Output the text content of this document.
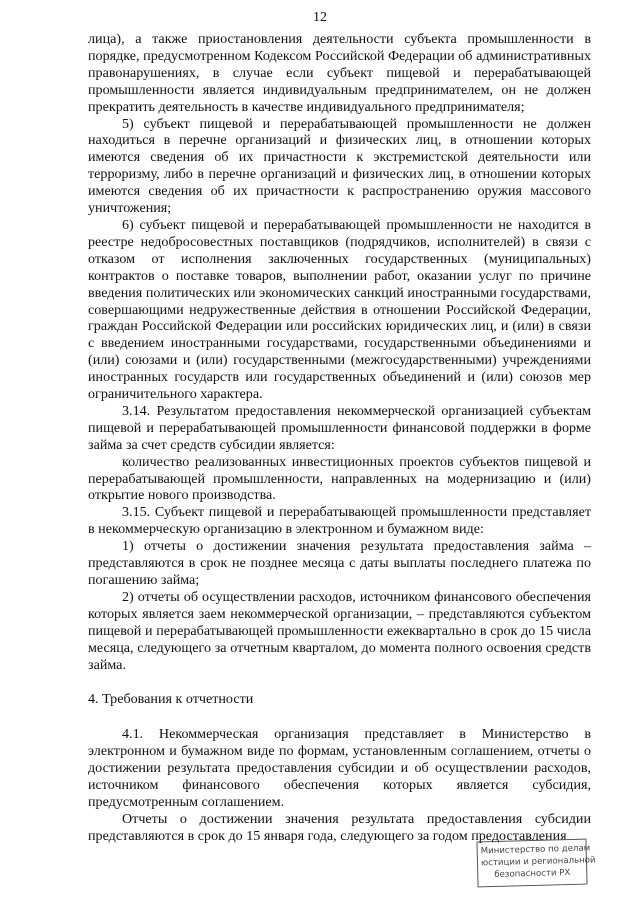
12

лица), а также приостановления деятельности субъекта промышленности в порядке, предусмотренном Кодексом Российской Федерации об административных правонарушениях, в случае если субъект пищевой и перерабатывающей промышленности является индивидуальным предпринимателем, он не должен прекратить деятельность в качестве индивидуального предпринимателя;

5) субъект пищевой и перерабатывающей промышленности не должен находиться в перечне организаций и физических лиц, в отношении которых имеются сведения об их причастности к экстремистской деятельности или терроризму, либо в перечне организаций и физических лиц, в отношении которых имеются сведения об их причастности к распространению оружия массового уничтожения;

6) субъект пищевой и перерабатывающей промышленности не находится в реестре недобросовестных поставщиков (подрядчиков, исполнителей) в связи с отказом от исполнения заключенных государственных (муниципальных) контрактов о поставке товаров, выполнении работ, оказании услуг по причине введения политических или экономических санкций иностранными государствами, совершающими недружественные действия в отношении Российской Федерации, граждан Российской Федерации или российских юридических лиц, и (или) в связи с введением иностранными государствами, государственными объединениями и (или) союзами и (или) государственными (межгосударственными) учреждениями иностранных государств или государственных объединений и (или) союзов мер ограничительного характера.

3.14. Результатом предоставления некоммерческой организацией субъектам пищевой и перерабатывающей промышленности финансовой поддержки в форме займа за счет средств субсидии является:

количество реализованных инвестиционных проектов субъектов пищевой и перерабатывающей промышленности, направленных на модернизацию и (или) открытие нового производства.

3.15. Субъект пищевой и перерабатывающей промышленности представляет в некоммерческую организацию в электронном и бумажном виде:

1) отчеты о достижении значения результата предоставления займа – представляются в срок не позднее месяца с даты выплаты последнего платежа по погашению займа;

2) отчеты об осуществлении расходов, источником финансового обеспечения которых является заем некоммерческой организации, – представляются субъектом пищевой и перерабатывающей промышленности ежеквартально в срок до 15 числа месяца, следующего за отчетным кварталом, до момента полного освоения средств займа.

4. Требования к отчетности

4.1. Некоммерческая организация представляет в Министерство в электронном и бумажном виде по формам, установленным соглашением, отчеты о достижении результата предоставления субсидии и об осуществлении расходов, источником финансового обеспечения которых является субсидия, предусмотренным соглашением.

Отчеты о достижении значения результата предоставления субсидии представляются в срок до 15 января года, следующего за годом предоставления

Министерство по делам
юстиции и региональной
безопасности РХ
